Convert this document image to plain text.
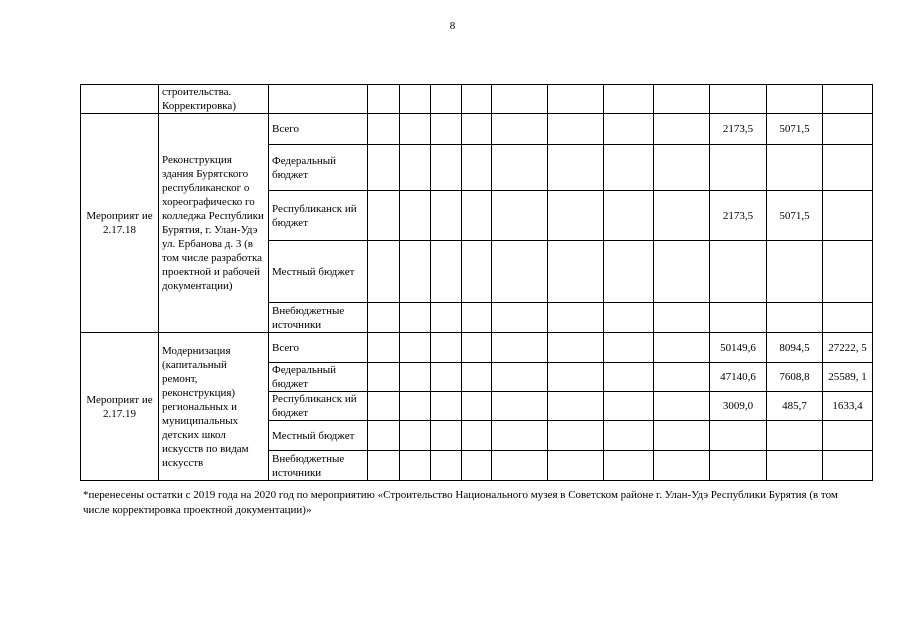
8
	строительства. Корректировка)												
Мероприят ие 2.17.18	Реконструкция здания Бурятского республиканског о хореографическо го колледжа Республики Бурятия, г. Улан-Удэ ул. Ербанова д. 3 (в том числе разработка проектной и рабочей документации)	Всего									2173,5	5071,5	
		Федеральный бюджет											
		Республиканск ий бюджет									2173,5	5071,5	
		Местный бюджет											
		Внебюджетные источники											
Мероприят ие 2.17.19	Модернизация (капитальный ремонт, реконструкция) региональных и муниципальных детских школ искусств по видам искусств	Всего									50149,6	8094,5	27222, 5
		Федеральный бюджет									47140,6	7608,8	25589, 1
		Республиканск ий бюджет									3009,0	485,7	1633,4
		Местный бюджет											
		Внебюджетные источники											
*перенесены остатки с 2019 года на 2020 год по мероприятию «Строительство Национального музея в Советском районе г. Улан-Удэ Республики Бурятия (в том числе корректировка проектной документации)»
